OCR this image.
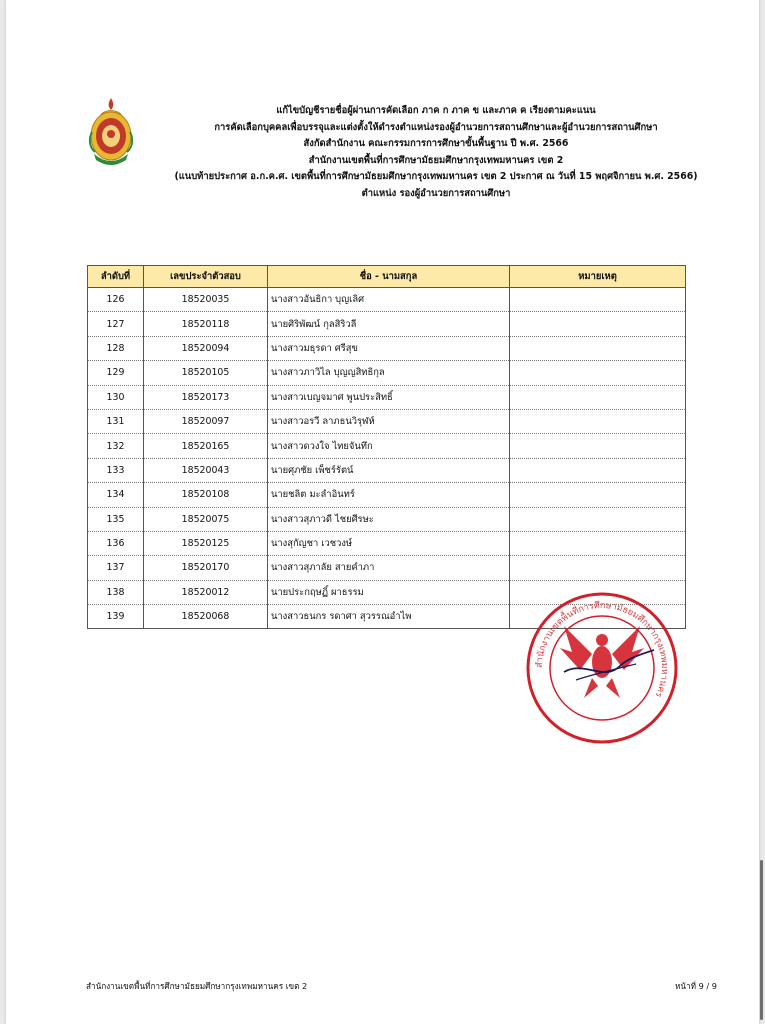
แก้ไขบัญชีรายชื่อผู้ผ่านการคัดเลือก ภาค ก ภาค ข และภาค ค เรียงตามคะแนน
การคัดเลือกบุคคลเพื่อบรรจุและแต่งตั้งให้ดำรงตำแหน่งรองผู้อำนวยการสถานศึกษาและผู้อำนวยการสถานศึกษา
สังกัดสำนักงาน คณะกรรมการการศึกษาขั้นพื้นฐาน ปี พ.ศ. 2566
สำนักงานเขตพื้นที่การศึกษามัธยมศึกษากรุงเทพมหานคร เขต 2
(แนบท้ายประกาศ อ.ก.ค.ศ. เขตพื้นที่การศึกษามัธยมศึกษากรุงเทพมหานคร เขต 2 ประกาศ ณ วันที่ 15 พฤศจิกายน พ.ศ. 2566)
ตำแหน่ง รองผู้อำนวยการสถานศึกษา
ลำดับที่	เลขประจำตัวสอบ	ชื่อ - นามสกุล	หมายเหตุ
126	18520035	นางสาวอันธิกา บุญเลิศ	
127	18520118	นายศิริพัฒน์ กุลสิริวลี	
128	18520094	นางสาวมธุรดา ศรีสุข	
129	18520105	นางสาวภาวิไล บุญญสิทธิกุล	
130	18520173	นางสาวเบญจมาศ พูนประสิทธิ์	
131	18520097	นางสาวอรวี ลาภธนวิรุฬห์	
132	18520165	นางสาวดวงใจ ไทยจันทึก	
133	18520043	นายศุภชัย เพ็ชร์รัตน์	
134	18520108	นายชลิต มะลำอินทร์	
135	18520075	นางสาวสุภาวดี ไชยศีรษะ	
136	18520125	นางสุกัญชา เวชวงษ์	
137	18520170	นางสาวสุภาลัย สายคำภา	
138	18520012	นายประกฤษฏิ์ ผาธรรม	
139	18520068	นางสาวธนกร รดาศา สุวรรณอำไพ	
สำนักงานเขตพื้นที่การศึกษามัธยมศึกษากรุงเทพมหานคร
สำนักงานเขตพื้นที่การศึกษามัธยมศึกษากรุงเทพมหานคร เขต 2	หน้าที่ 9 / 9
